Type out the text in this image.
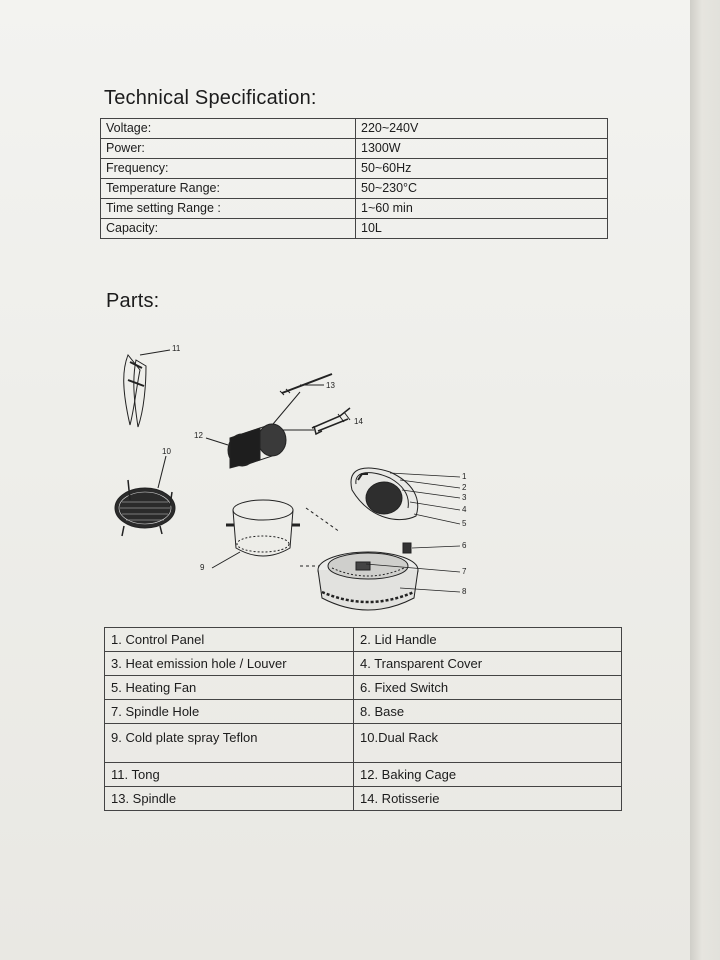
Technical Specification:
Voltage:	220~240V
Power:	1300W
Frequency:	50~60Hz
Temperature Range:	50~230°C
Time setting Range :	1~60 min
Capacity:	10L
Parts:
11
13
14
12
10
9
1
2
3
4
5
6
7
8
1. Control Panel	2. Lid Handle
3. Heat emission hole / Louver	4. Transparent Cover
5. Heating Fan	6. Fixed Switch
7. Spindle Hole	8. Base
9. Cold plate spray Teflon	10.Dual Rack
11. Tong	12. Baking Cage
13. Spindle	14. Rotisserie
